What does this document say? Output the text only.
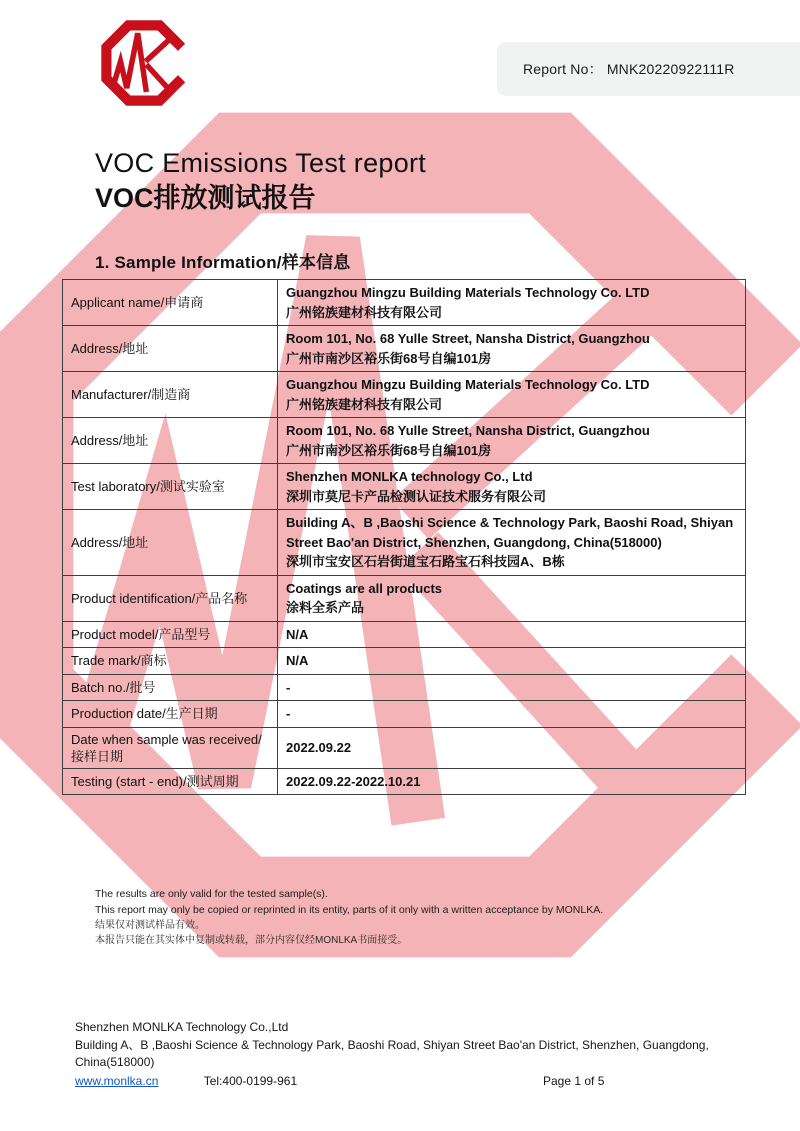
Report No： MNK20220922111R
VOC Emissions Test report
VOC排放测试报告
1. Sample Information/样本信息
Applicant name/申请商	Guangzhou Mingzu Building Materials Technology Co. LTD
广州铭族建材科技有限公司

Address/地址	Room 101, No. 68 Yulle Street, Nansha District, Guangzhou
广州市南沙区裕乐街68号自编101房

Manufacturer/制造商	Guangzhou Mingzu Building Materials Technology Co. LTD
广州铭族建材科技有限公司

Address/地址	Room 101, No. 68 Yulle Street, Nansha District, Guangzhou
广州市南沙区裕乐街68号自编101房

Test laboratory/测试实验室	Shenzhen MONLKA technology Co., Ltd
深圳市莫尼卡产品检测认证技术服务有限公司

Address/地址	Building A、B ,Baoshi Science & Technology Park, Baoshi Road, Shiyan Street Bao'an District, Shenzhen, Guangdong, China(518000)
深圳市宝安区石岩街道宝石路宝石科技园A、B栋

Product identification/产品名称	Coatings are all products
涂料全系产品

Product model/产品型号	N/A

Trade mark/商标	N/A

Batch no./批号	-

Production date/生产日期	-

Date when sample was received/接样日期	2022.09.22

Testing (start - end)/测试周期	2022.09.22-2022.10.21
The results are only valid for the tested sample(s).
This report may only be copied or reprinted in its entity, parts of it only with a written acceptance by MONLKA.
结果仅对测试样品有效。
本报告只能在其实体中复制或转载，部分内容仅经MONLKA书面接受。
Shenzhen MONLKA Technology Co.,Ltd
Building A、B ,Baoshi Science & Technology Park, Baoshi Road, Shiyan Street Bao'an District, Shenzhen, Guangdong,
China(518000)
www.monlka.cn	Tel:400-0199-961	Page 1 of 5
